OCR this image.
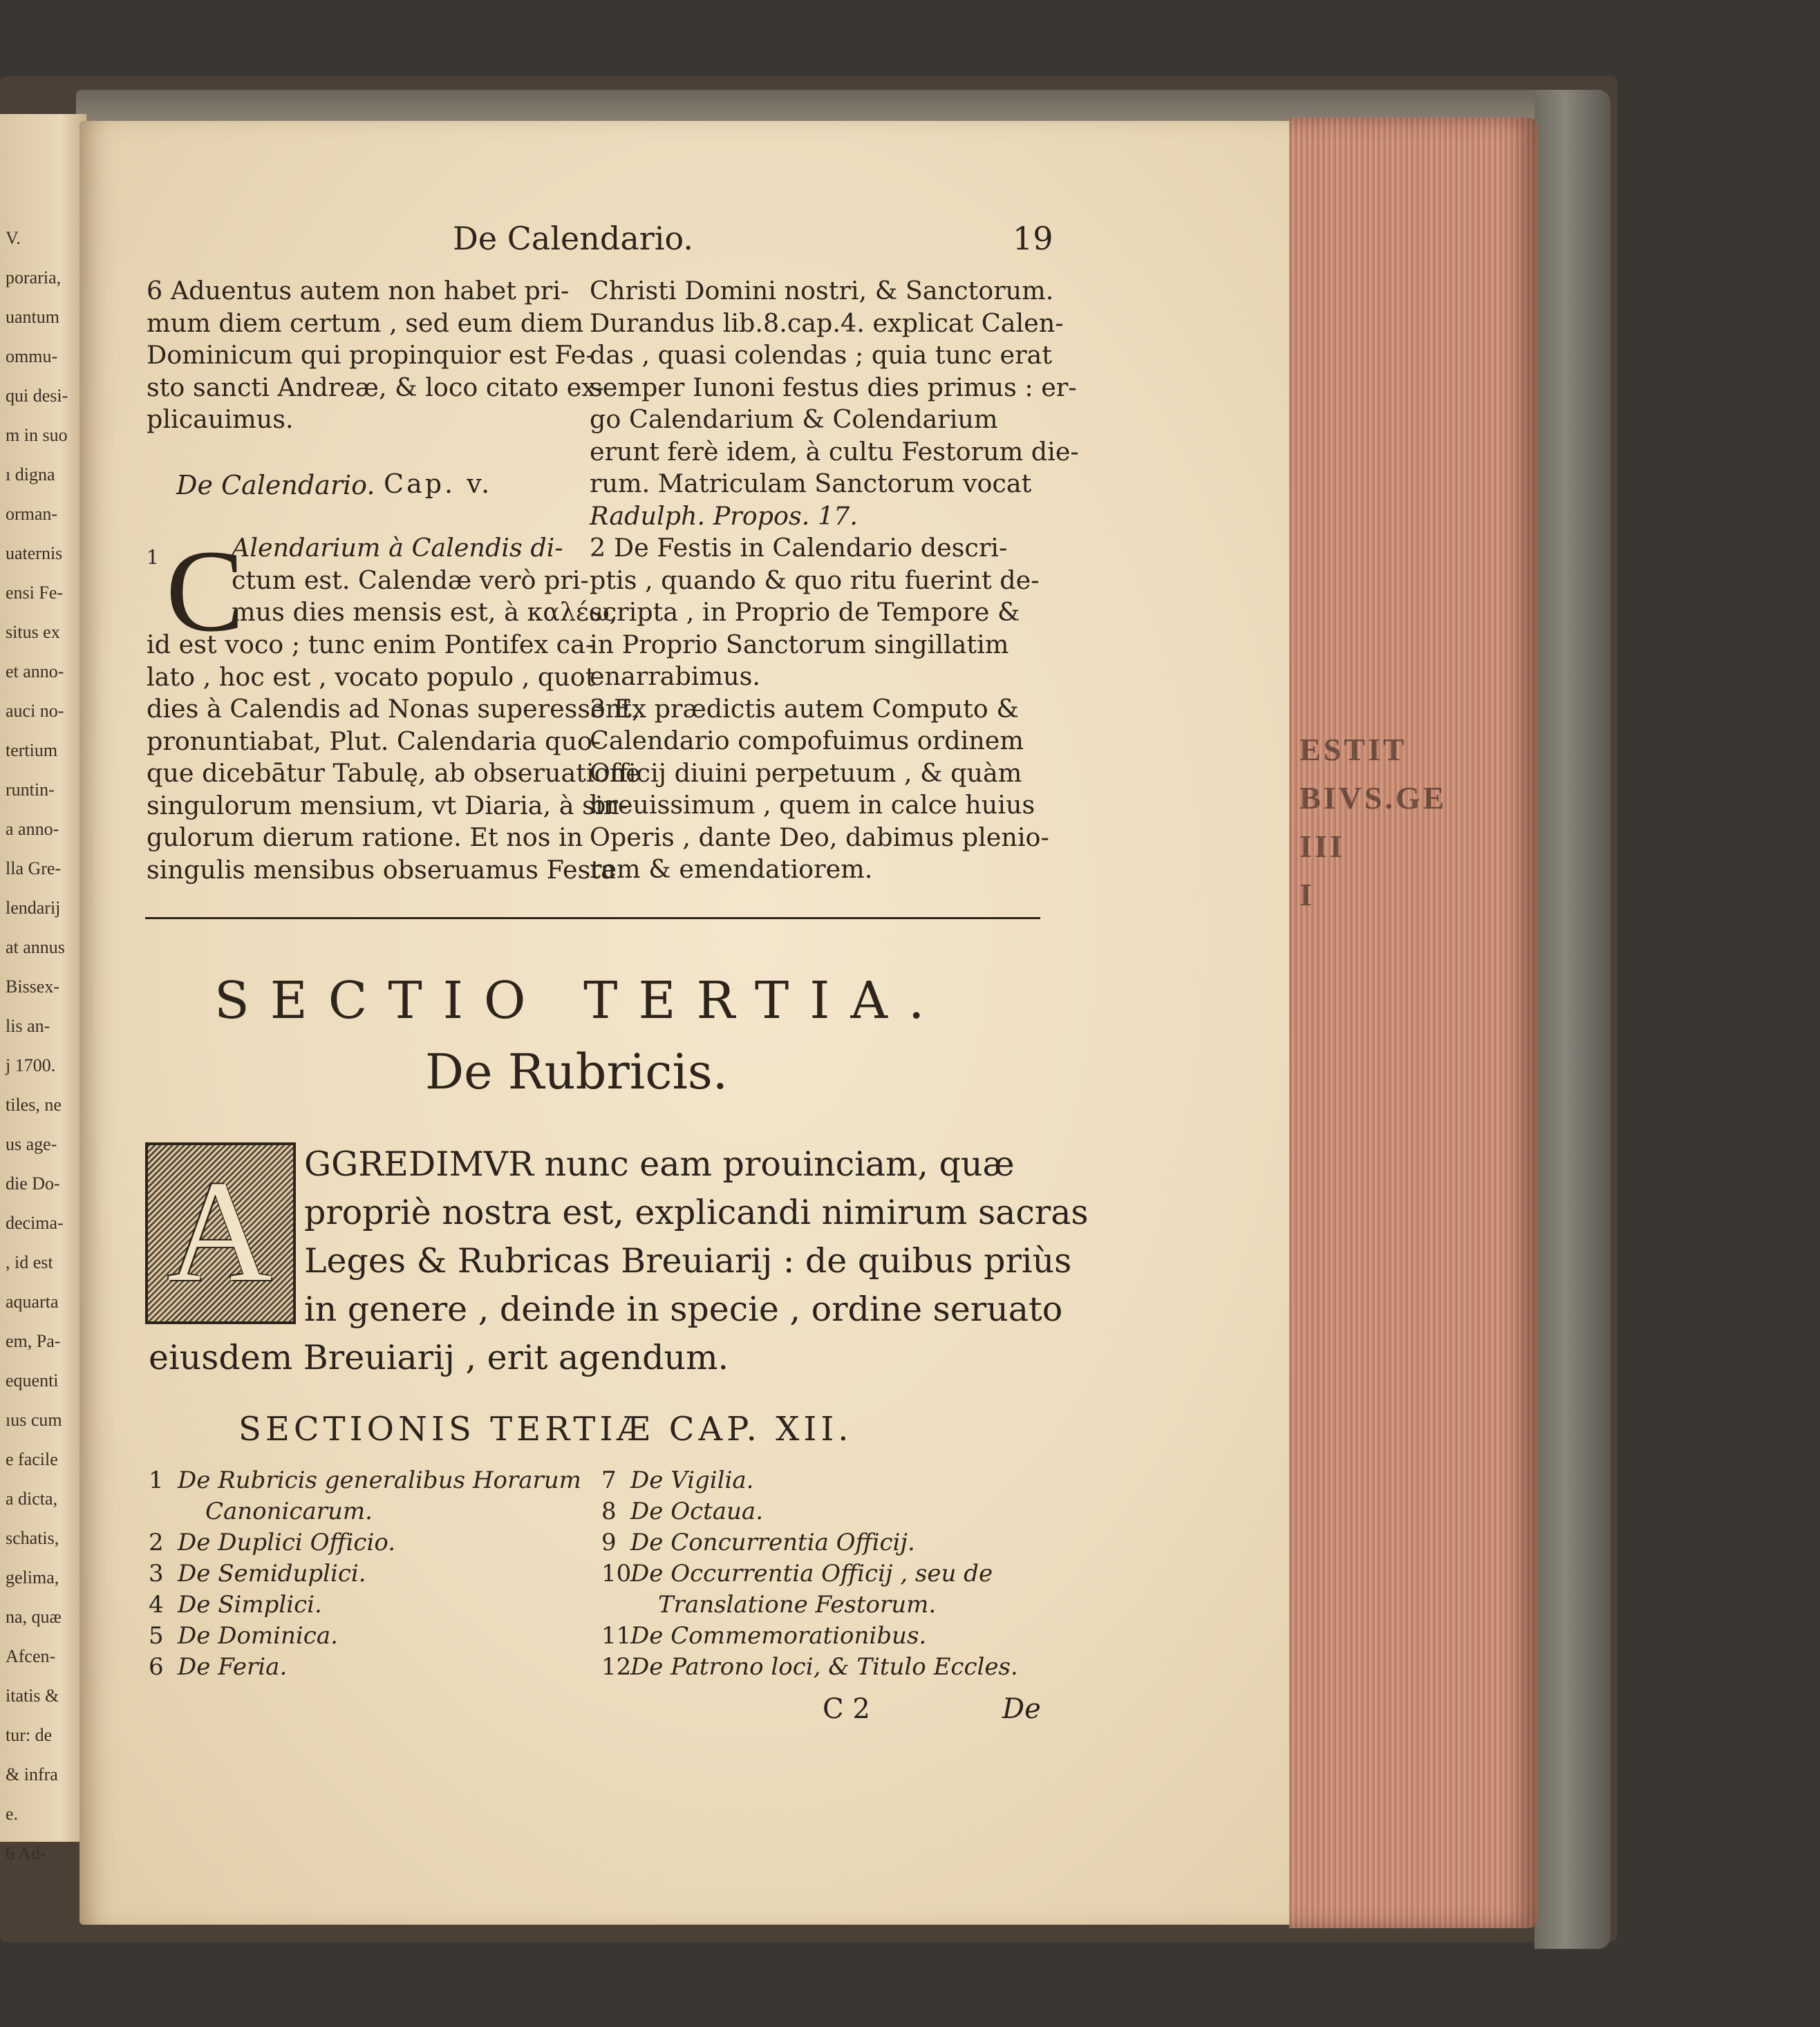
V.
poraria,
uantum
ommu-
qui desi-
m in suo
ı digna
orman-
uaternis
ensi Fe-
situs ex
et anno-
auci no-
tertium
runtin-
a anno-
lla Gre-
lendarij
at annus
Bissex-
lis an-
j 1700.
tiles, ne
us age-
die Do-
decima-
, id est
aquarta
em, Pa-
equenti
ıus cum
e facile
a dicta,
schatis,
gelima,
na, quæ
Afcen-
itatis &
tur: de
& infra
e.
6 Ad-
ESTIT
BIVS.GE
III
I
De Calendario.	19
6 Aduentus autem non habet pri-
mum diem certum , sed eum diem
Dominicum qui propinquior est Fe-
sto sancti Andreæ, & loco citato ex-
plicauimus.
De Calendario. Cap. v.
1 C
Alendarium à Calendis di-
ctum est. Calendæ verò pri-
mus dies mensis est, à καλέω,
id est voco ; tunc enim Pontifex ca-
lato , hoc est , vocato populo , quot
dies à Calendis ad Nonas superessent,
pronuntiabat, Plut. Calendaria quo-
que dicebātur Tabulę, ab obseruatione
singulorum mensium, vt Diaria, à sin-
gulorum dierum ratione. Et nos in
singulis mensibus obseruamus Festa
Christi Domini nostri, & Sanctorum.
Durandus lib.8.cap.4. explicat Calen-
das , quasi colendas ; quia tunc erat
semper Iunoni festus dies primus : er-
go Calendarium & Colendarium
erunt ferè idem, à cultu Festorum die-
rum. Matriculam Sanctorum vocat
Radulph. Propos. 17.
2 De Festis in Calendario descri-
ptis , quando & quo ritu fuerint de-
scripta , in Proprio de Tempore &
in Proprio Sanctorum singillatim
enarrabimus.
3 Ex prædictis autem Computo &
Calendario compofuimus ordinem
Officij diuini perpetuum , & quàm
breuissimum , quem in calce huius
Operis , dante Deo, dabimus plenio-
rem & emendatiorem.
SECTIO TERTIA.
De Rubricis.
A GGREDIMVR nunc eam prouinciam, quæ
propriè nostra est, explicandi nimirum sacras
Leges & Rubricas Breuiarij : de quibus priùs
in genere , deinde in specie , ordine seruato
eiusdem Breuiarij , erit agendum.
SECTIONIS TERTIÆ CAP. XII.
1 De Rubricis generalibus Horarum
Canonicarum.
2 De Duplici Officio.
3 De Semiduplici.
4 De Simplici.
5 De Dominica.
6 De Feria.
7 De Vigilia.
8 De Octaua.
9 De Concurrentia Officij.
10De Occurrentia Officij , seu de
Translatione Festorum.
11De Commemorationibus.
12De Patrono loci, & Titulo Eccles.
C 2	De
